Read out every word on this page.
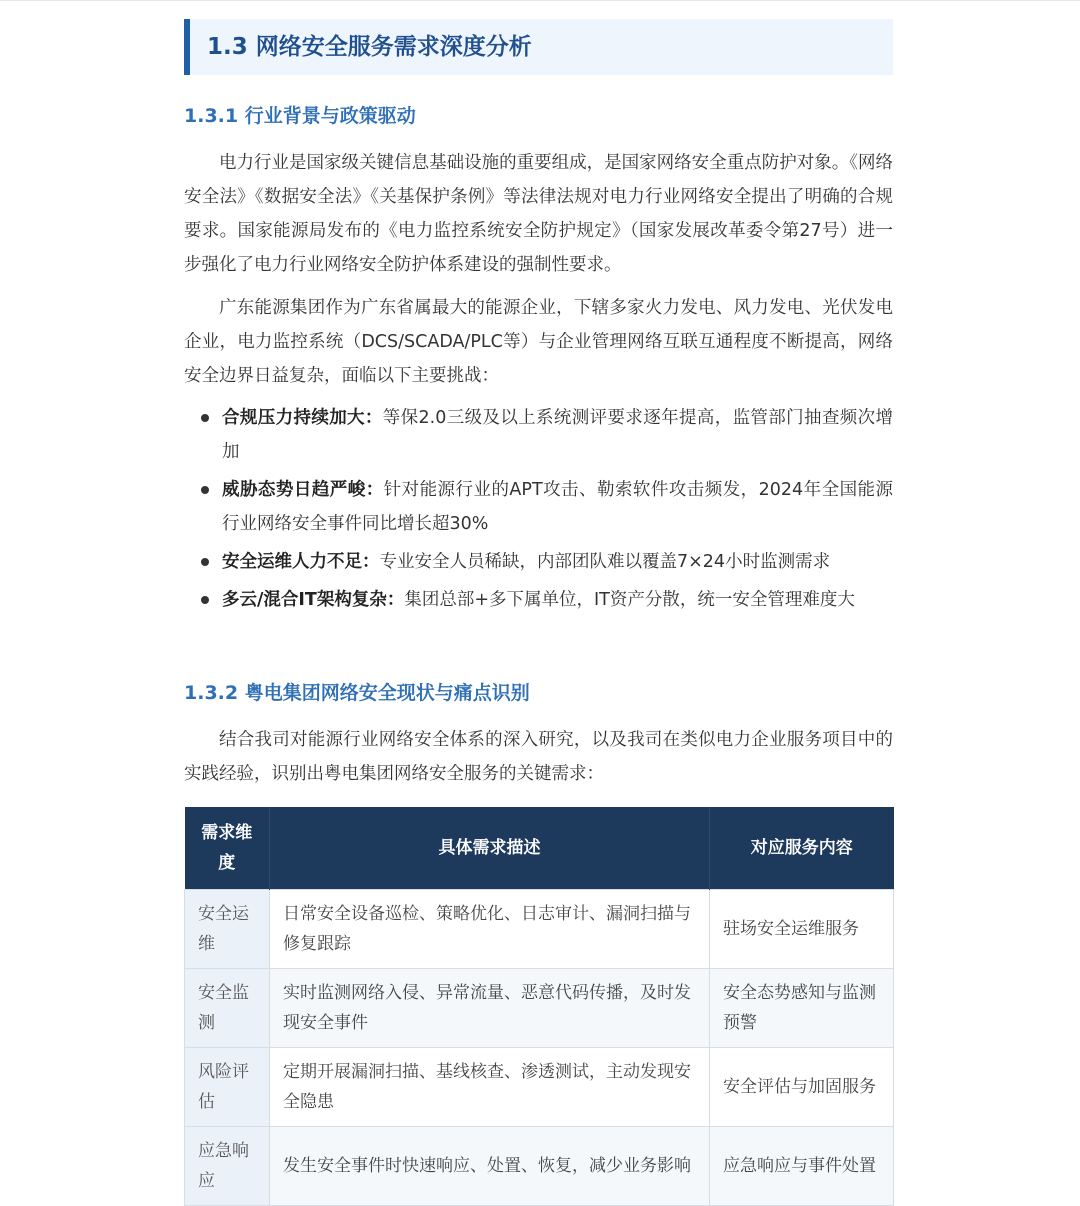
1.3 网络安全服务需求深度分析
1.3.1 行业背景与政策驱动

电力行业是国家级关键信息基础设施的重要组成，是国家网络安全重点防护对象。《网络安全法》《数据安全法》《关基保护条例》等法律法规对电力行业网络安全提出了明确的合规要求。国家能源局发布的《电力监控系统安全防护规定》（国家发展改革委令第27号）进一步强化了电力行业网络安全防护体系建设的强制性要求。

广东能源集团作为广东省属最大的能源企业，下辖多家火力发电、风力发电、光伏发电企业，电力监控系统（DCS/SCADA/PLC等）与企业管理网络互联互通程度不断提高，网络安全边界日益复杂，面临以下主要挑战：

合规压力持续加大：等保2.0三级及以上系统测评要求逐年提高，监管部门抽查频次增加
威胁态势日趋严峻：针对能源行业的APT攻击、勒索软件攻击频发，2024年全国能源行业网络安全事件同比增长超30%
安全运维人力不足：专业安全人员稀缺，内部团队难以覆盖7×24小时监测需求
多云/混合IT架构复杂：集团总部+多下属单位，IT资产分散，统一安全管理难度大
1.3.2 粤电集团网络安全现状与痛点识别

结合我司对能源行业网络安全体系的深入研究，以及我司在类似电力企业服务项目中的实践经验，识别出粤电集团网络安全服务的关键需求：

需求维度	具体需求描述	对应服务内容
安全运维	日常安全设备巡检、策略优化、日志审计、漏洞扫描与修复跟踪	驻场安全运维服务
安全监测	实时监测网络入侵、异常流量、恶意代码传播，及时发现安全事件	安全态势感知与监测预警
风险评估	定期开展漏洞扫描、基线核查、渗透测试，主动发现安全隐患	安全评估与加固服务
应急响应	发生安全事件时快速响应、处置、恢复，减少业务影响	应急响应与事件处置
